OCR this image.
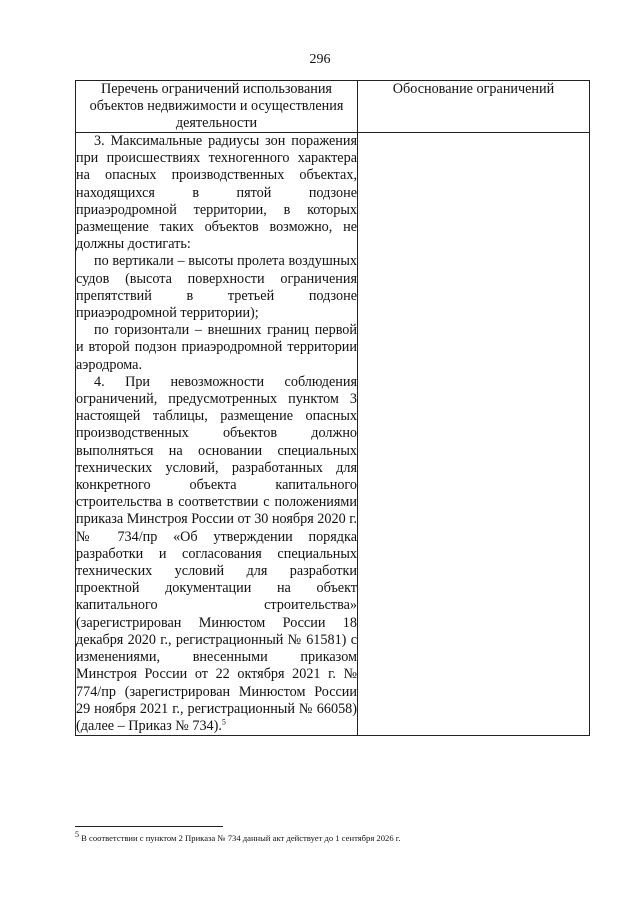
296
Перечень ограничений использования объектов недвижимости и осуществления деятельности	Обоснование ограничений

3. Максимальные радиусы зон поражения при происшествиях техногенного характера на опасных производственных объектах, находящихся в пятой подзоне приаэродромной территории, в которых размещение таких объектов возможно, не должны достигать:

по вертикали – высоты пролета воздушных судов (высота поверхности ограничения препятствий в третьей подзоне приаэродромной территории);

по горизонтали – внешних границ первой и второй подзон приаэродромной территории аэродрома.

4. При невозможности соблюдения ограничений, предусмотренных пунктом 3 настоящей таблицы, размещение опасных производственных объектов должно выполняться на основании специальных технических условий, разработанных для конкретного объекта капитального строительства в соответствии с положениями приказа Минстроя России от 30 ноября 2020 г. № 734/пр «Об утверждении порядка разработки и согласования специальных технических условий для разработки проектной документации на объект капитального строительства» (зарегистрирован Минюстом России 18 декабря 2020 г., регистрационный № 61581) с изменениями, внесенными приказом Минстроя России от 22 октября 2021 г. № 774/пр (зарегистрирован Минюстом России 29 ноября 2021 г., регистрационный № 66058) (далее – Приказ № 734).$^5$

$^5$ В соответствии с пунктом 2 Приказа № 734 данный акт действует до 1 сентября 2026 г.
